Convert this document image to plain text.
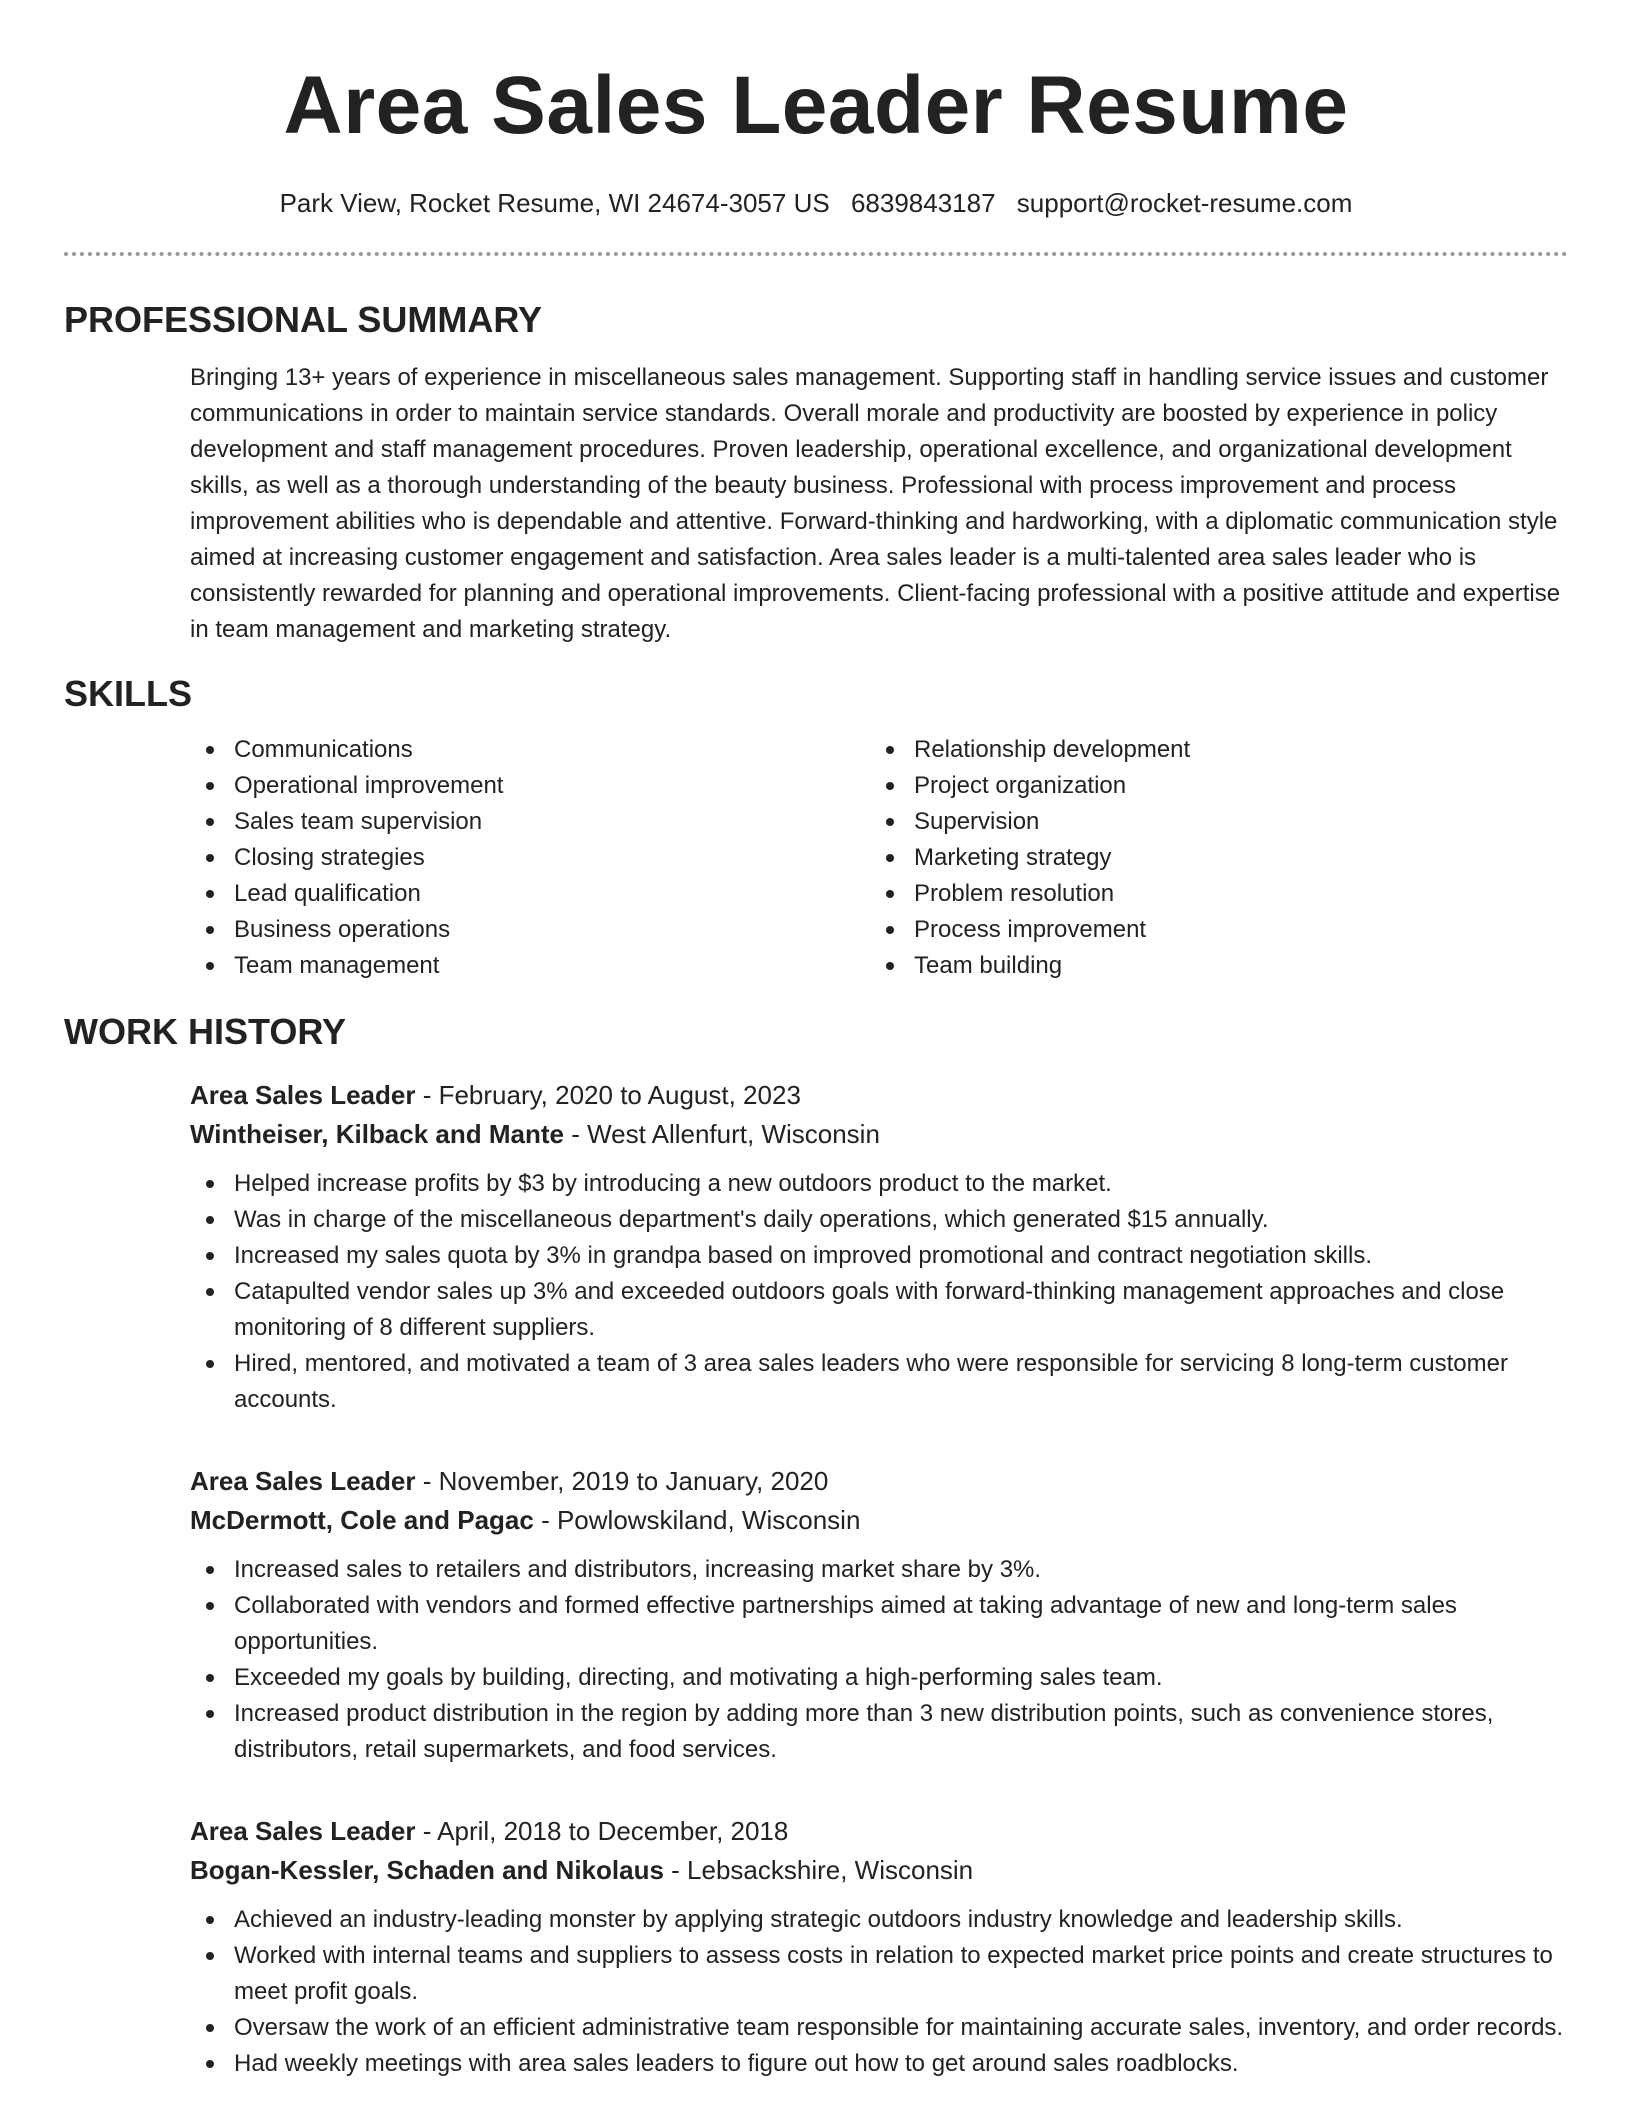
Area Sales Leader Resume
Park View, Rocket Resume, WI 24674-3057 US 6839843187 support@rocket-resume.com
PROFESSIONAL SUMMARY

Bringing 13+ years of experience in miscellaneous sales management. Supporting staff in handling service issues and customer communications in order to maintain service standards. Overall morale and productivity are boosted by experience in policy development and staff management procedures. Proven leadership, operational excellence, and organizational development skills, as well as a thorough understanding of the beauty business. Professional with process improvement and process improvement abilities who is dependable and attentive. Forward-thinking and hardworking, with a diplomatic communication style aimed at increasing customer engagement and satisfaction. Area sales leader is a multi-talented area sales leader who is consistently rewarded for planning and operational improvements. Client-facing professional with a positive attitude and expertise in team management and marketing strategy.

SKILLS
Communications
Operational improvement
Sales team supervision
Closing strategies
Lead qualification
Business operations
Team management
Relationship development
Project organization
Supervision
Marketing strategy
Problem resolution
Process improvement
Team building
WORK HISTORY
Area Sales Leader - February, 2020 to August, 2023
Wintheiser, Kilback and Mante - West Allenfurt, Wisconsin
Helped increase profits by $3 by introducing a new outdoors product to the market.
Was in charge of the miscellaneous department's daily operations, which generated $15 annually.
Increased my sales quota by 3% in grandpa based on improved promotional and contract negotiation skills.
Catapulted vendor sales up 3% and exceeded outdoors goals with forward-thinking management approaches and close monitoring of 8 different suppliers.
Hired, mentored, and motivated a team of 3 area sales leaders who were responsible for servicing 8 long-term customer accounts.
Area Sales Leader - November, 2019 to January, 2020
McDermott, Cole and Pagac - Powlowskiland, Wisconsin
Increased sales to retailers and distributors, increasing market share by 3%.
Collaborated with vendors and formed effective partnerships aimed at taking advantage of new and long-term sales opportunities.
Exceeded my goals by building, directing, and motivating a high-performing sales team.
Increased product distribution in the region by adding more than 3 new distribution points, such as convenience stores, distributors, retail supermarkets, and food services.
Area Sales Leader - April, 2018 to December, 2018
Bogan-Kessler, Schaden and Nikolaus - Lebsackshire, Wisconsin
Achieved an industry-leading monster by applying strategic outdoors industry knowledge and leadership skills.
Worked with internal teams and suppliers to assess costs in relation to expected market price points and create structures to meet profit goals.
Oversaw the work of an efficient administrative team responsible for maintaining accurate sales, inventory, and order records.
Had weekly meetings with area sales leaders to figure out how to get around sales roadblocks.
